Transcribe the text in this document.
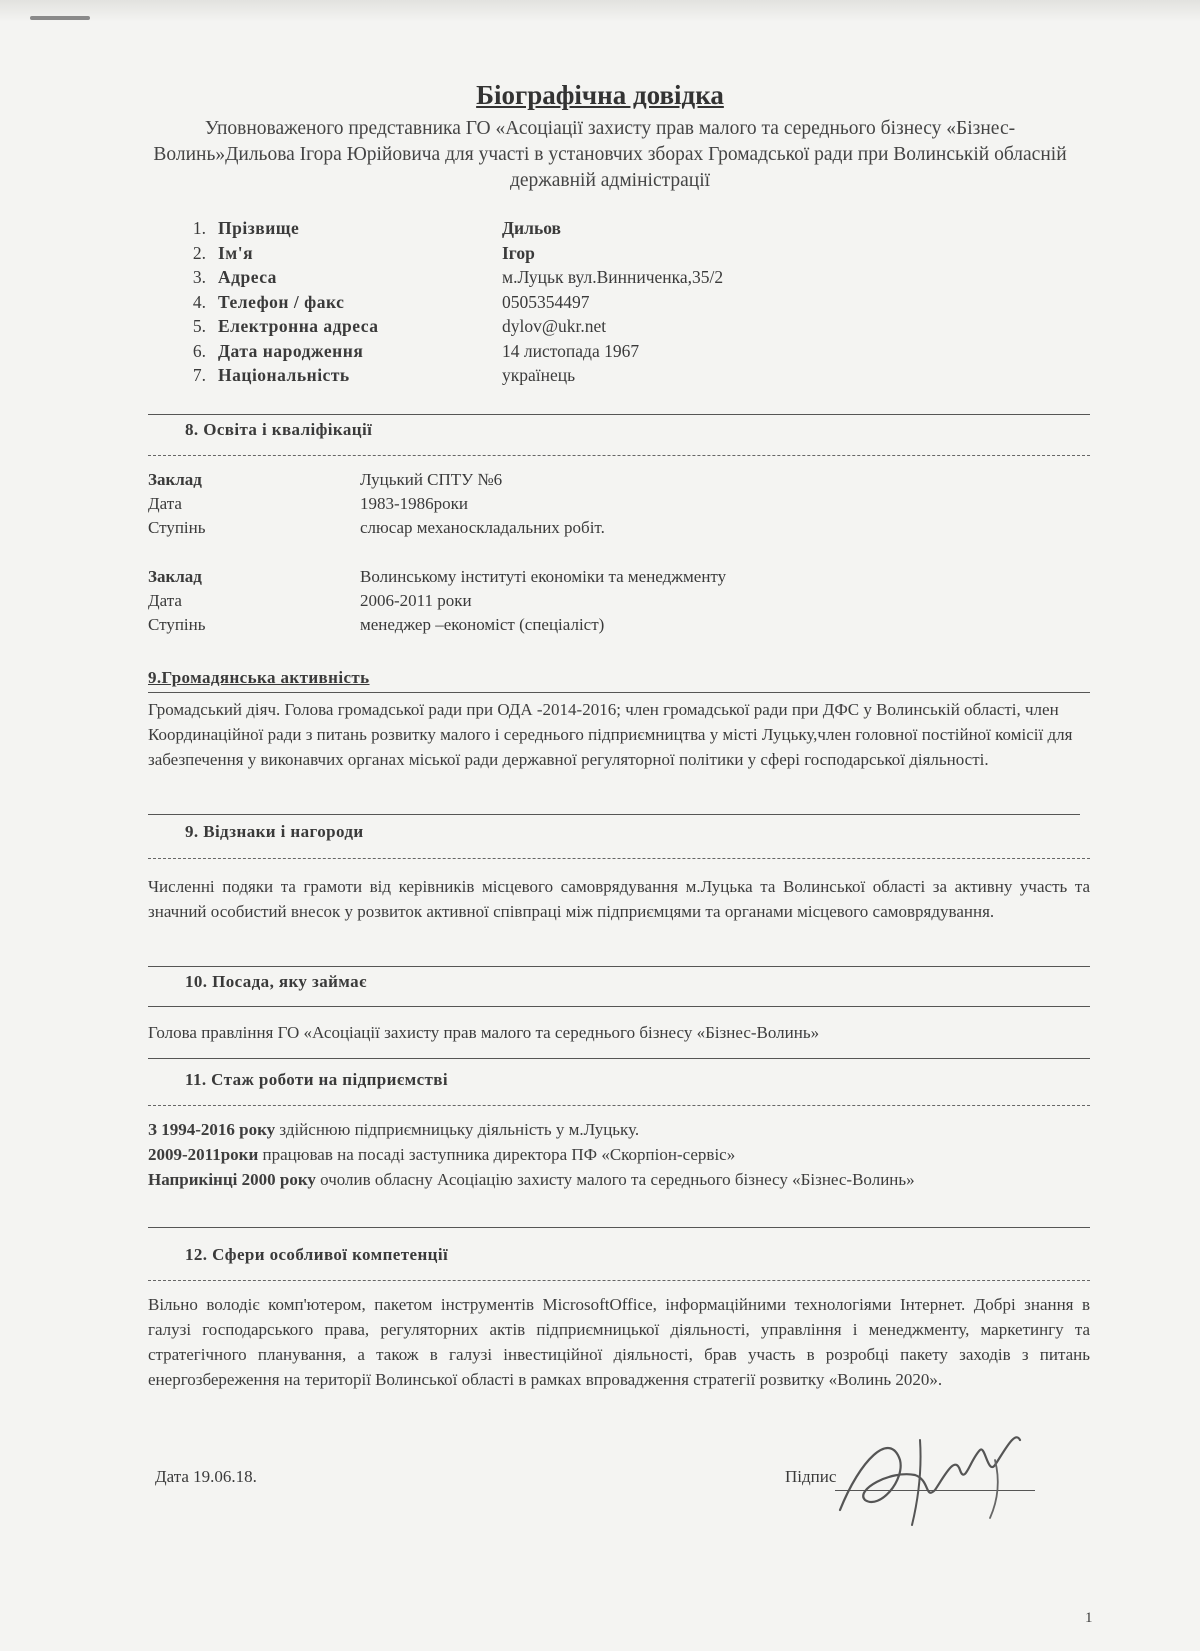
Біографічна довідка
Уповноваженого представника ГО «Асоціації захисту прав малого та середнього бізнесу «Бізнес-Волинь»Дильова Ігора Юрійовича для участі в установчих зборах Громадської ради при Волинській обласній державній адміністрації
1. Прізвище	Дильов
2. Ім'я	Ігор
3. Адреса	м.Луцьк вул.Винниченка,35/2
4. Телефон / факс	0505354497
5. Електронна адреса	dylov@ukr.net
6. Дата народження	14 листопада 1967
7. Національність	українець
8. Освіта і кваліфікації
Заклад	Луцький СПТУ №6
Дата	1983-1986роки
Ступінь	слюсар механоскладальних робіт.
Заклад	Волинському інституті економіки та менеджменту
Дата	2006-2011 роки
Ступінь	менеджер –економіст (спеціаліст)
9.Громадянська активність
Громадський діяч. Голова громадської ради при ОДА -2014-2016; член громадської ради при ДФС у Волинській області, член Координаційної ради з питань розвитку малого і середнього підприємництва у місті Луцьку,член головної постійної комісії для забезпечення у виконавчих органах міської ради державної регуляторної політики у сфері господарської діяльності.
9. Відзнаки і нагороди
Численні подяки та грамоти від керівників місцевого самоврядування м.Луцька та Волинської області за активну участь та значний особистий внесок у розвиток активної співпраці між підприємцями та органами місцевого самоврядування.
10. Посада, яку займає
Голова правління ГО «Асоціації захисту прав малого та середнього бізнесу «Бізнес-Волинь»
11. Стаж роботи на підприємстві
З 1994-2016 року здійснюю підприємницьку діяльність у м.Луцьку.
2009-2011роки працював на посаді заступника директора ПФ «Скорпіон-сервіс»
Наприкінці 2000 року очолив обласну Асоціацію захисту малого та середнього бізнесу «Бізнес-Волинь»
12. Сфери особливої компетенції
Вільно володіє комп'ютером, пакетом інструментів MicrosoftOffice, інформаційними технологіями Інтернет. Добрі знання в галузі господарського права, регуляторних актів підприємницької діяльності, управління і менеджменту, маркетингу та стратегічного планування, а також в галузі інвестиційної діяльності, брав участь в розробці пакету заходів з питань енергозбереження на території Волинської області в рамках впровадження стратегії розвитку «Волинь 2020».
Дата 19.06.18.	Підпис
1
